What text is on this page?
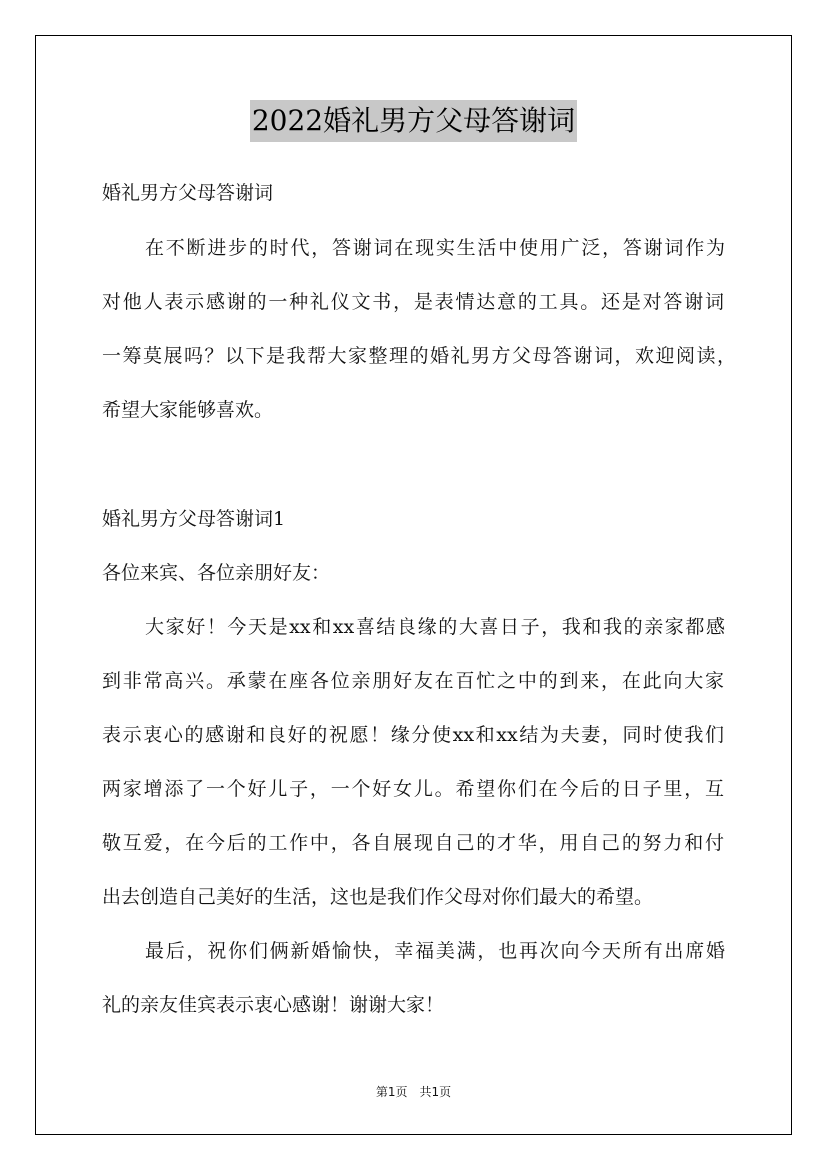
2022婚礼男方父母答谢词
婚礼男方父母答谢词
在不断进步的时代，答谢词在现实生活中使用广泛，答谢词作为
对他人表示感谢的一种礼仪文书，是表情达意的工具。还是对答谢词
一筹莫展吗？以下是我帮大家整理的婚礼男方父母答谢词，欢迎阅读，
希望大家能够喜欢。
婚礼男方父母答谢词1
各位来宾、各位亲朋好友：
大家好！今天是xx和xx喜结良缘的大喜日子，我和我的亲家都感
到非常高兴。承蒙在座各位亲朋好友在百忙之中的到来，在此向大家
表示衷心的感谢和良好的祝愿！缘分使xx和xx结为夫妻，同时使我们
两家增添了一个好儿子，一个好女儿。希望你们在今后的日子里，互
敬互爱，在今后的工作中，各自展现自己的才华，用自己的努力和付
出去创造自己美好的生活，这也是我们作父母对你们最大的希望。
最后，祝你们俩新婚愉快，幸福美满，也再次向今天所有出席婚
礼的亲友佳宾表示衷心感谢！谢谢大家！
第1页　共1页
